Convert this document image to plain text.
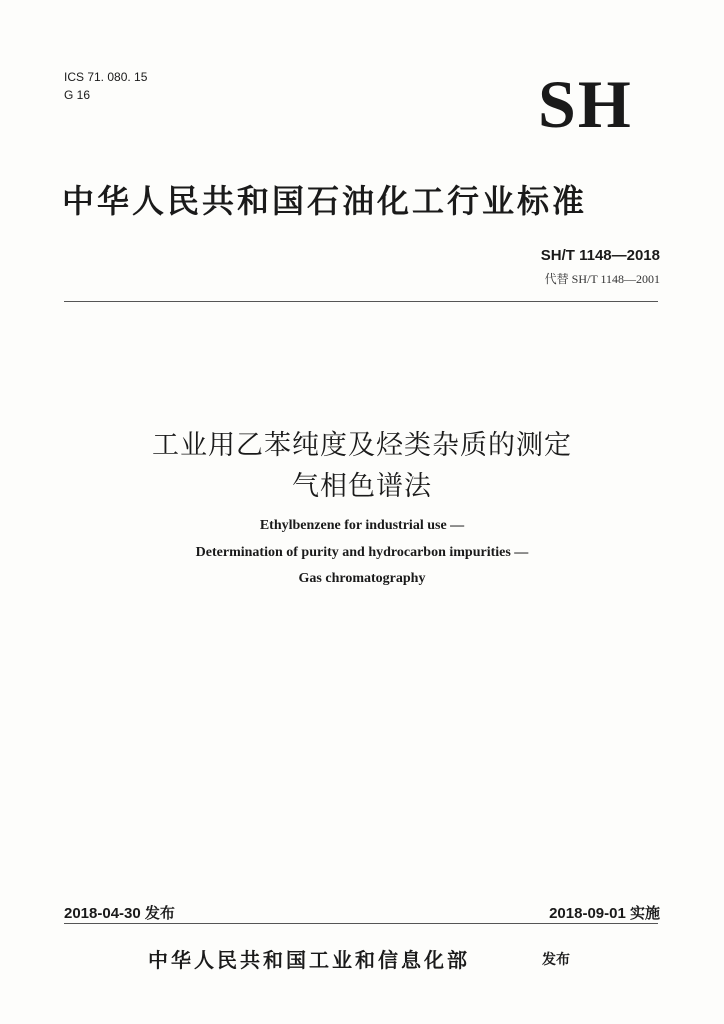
ICS 71. 080. 15
G 16	SH
中华人民共和国石油化工行业标准
SH/T 1148—2018
代替 SH/T 1148—2001
工业用乙苯纯度及烃类杂质的测定
气相色谱法
Ethylbenzene for industrial use —
Determination of purity and hydrocarbon impurities —
Gas chromatography
2018-04-30 发布	2018-09-01 实施
中华人民共和国工业和信息化部	发布
